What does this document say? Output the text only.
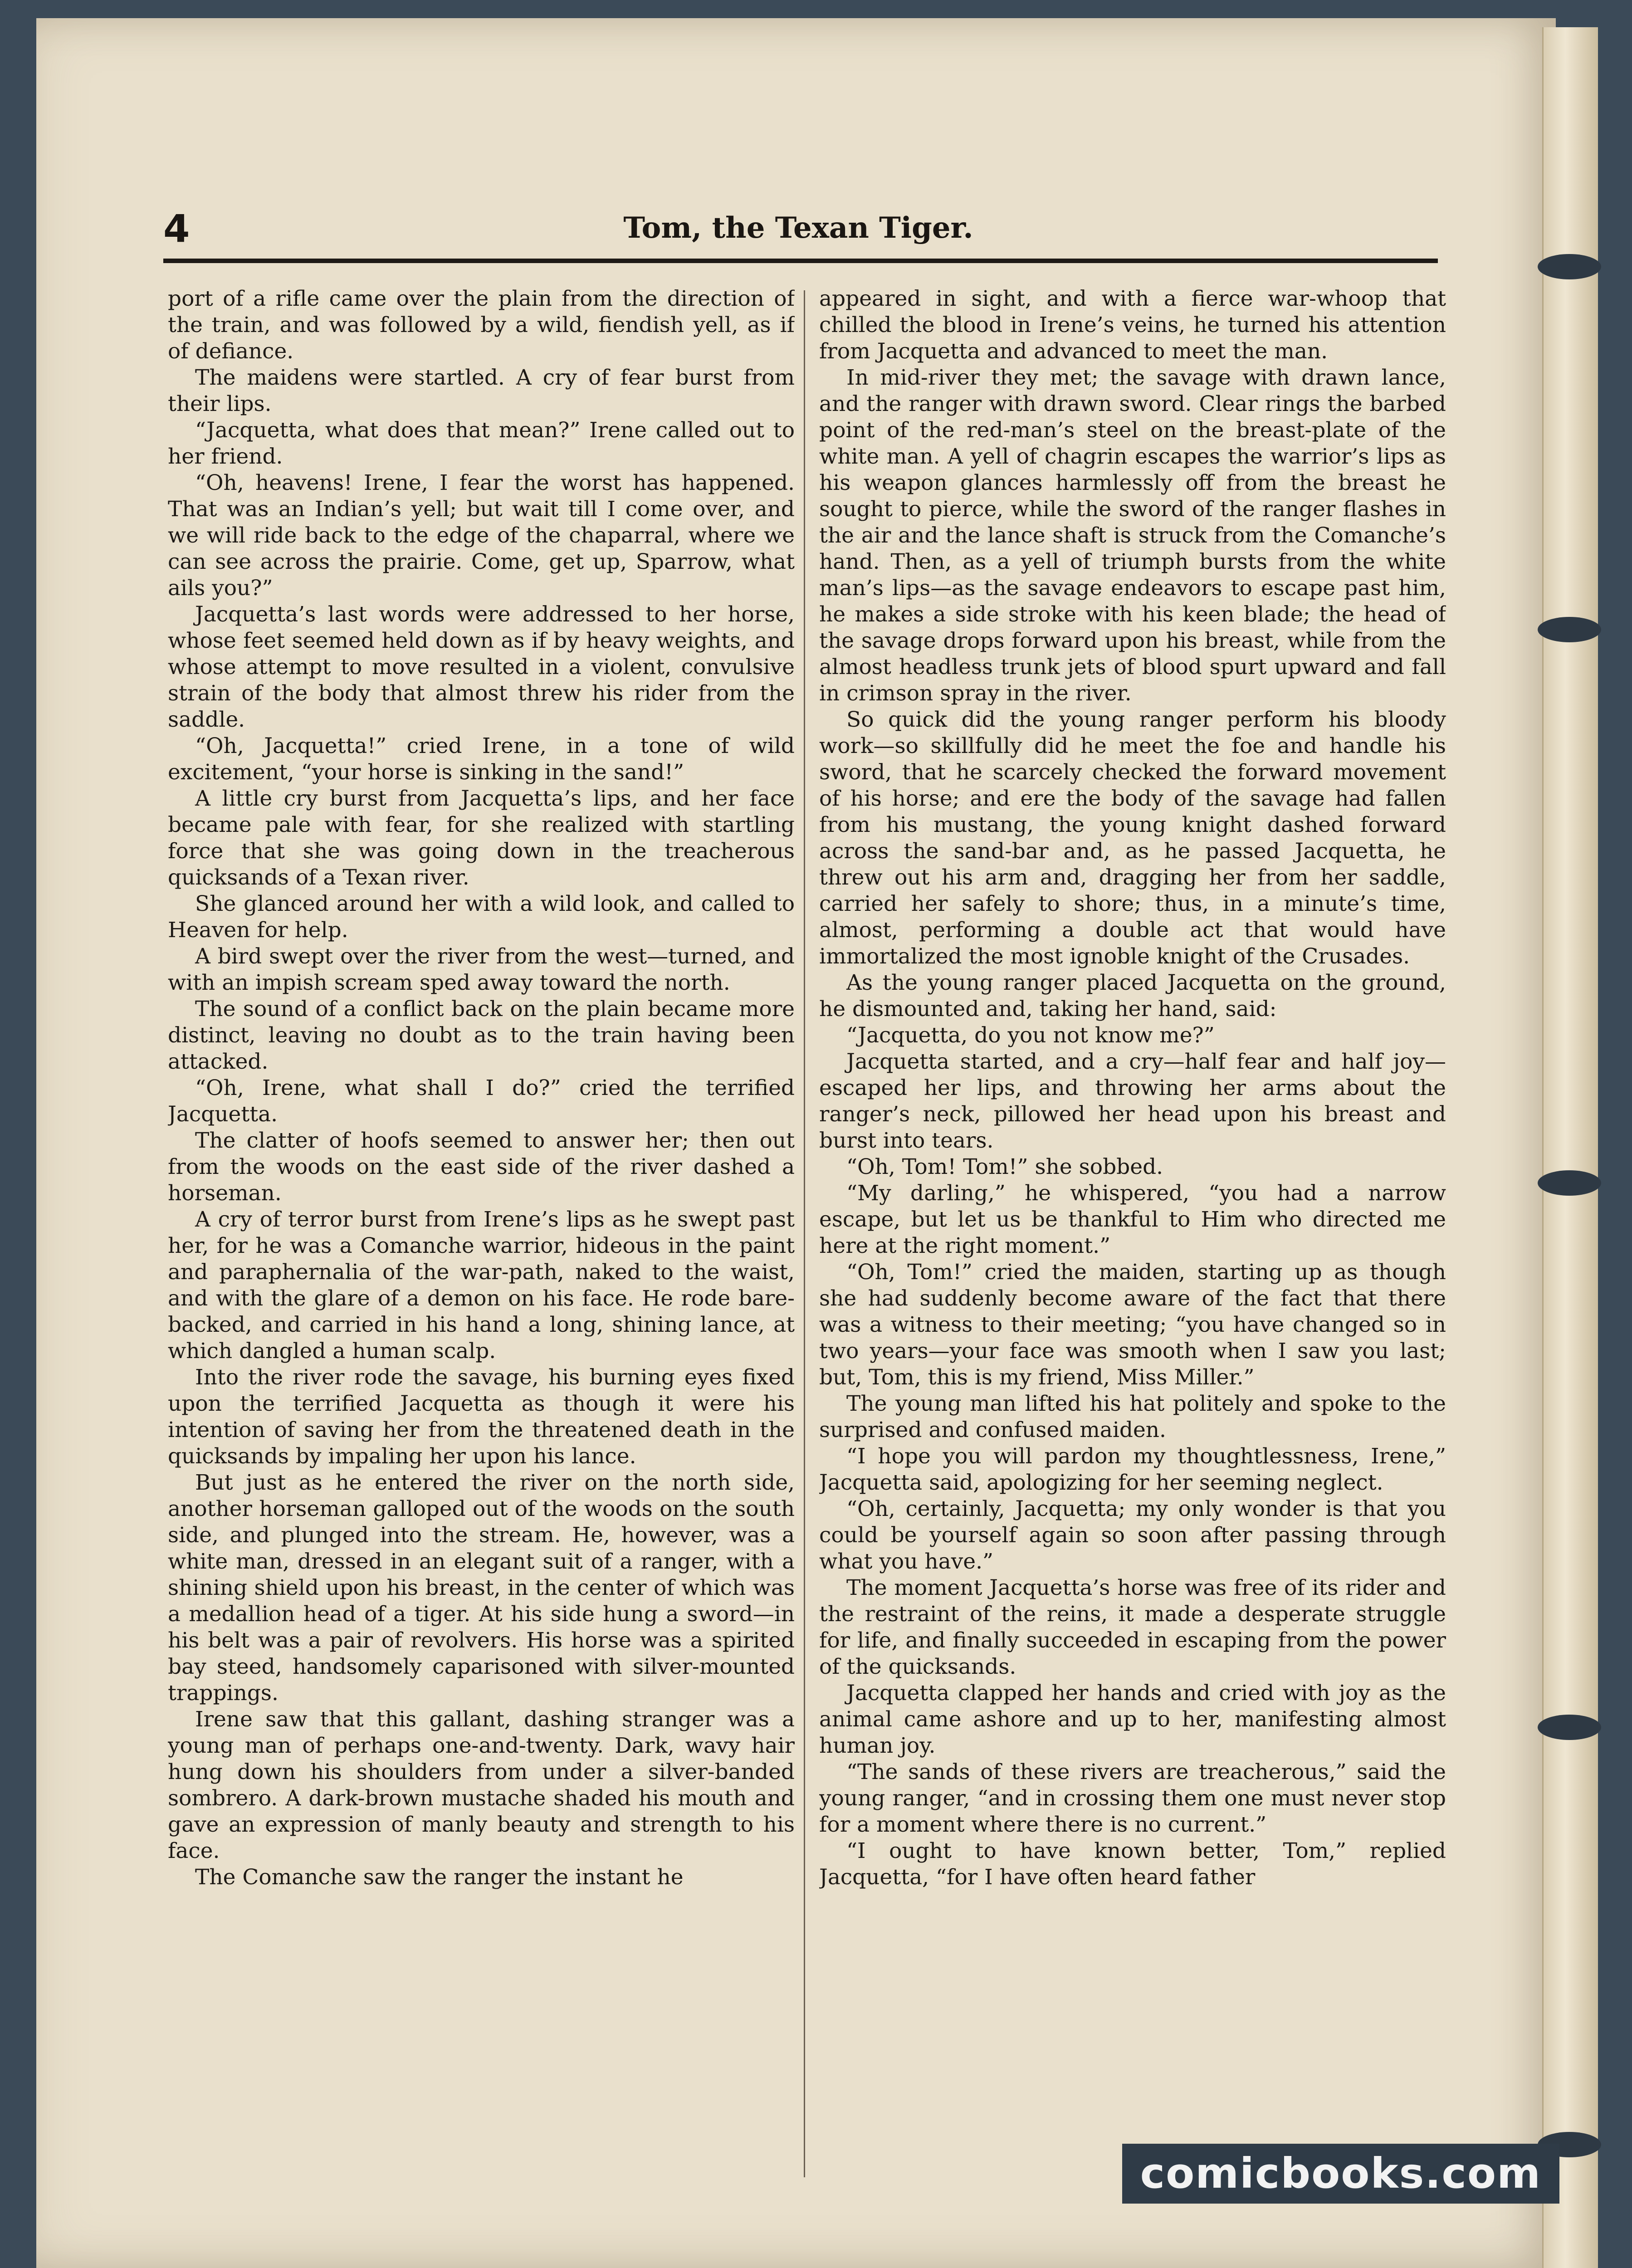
4	Tom, the Texan Tiger.

port of a rifle came over the plain from the direction of the train, and was followed by a wild, fiendish yell, as if of defiance.

The maidens were startled. A cry of fear burst from their lips.

“Jacquetta, what does that mean?” Irene called out to her friend.

“Oh, heavens! Irene, I fear the worst has happened. That was an Indian’s yell; but wait till I come over, and we will ride back to the edge of the chaparral, where we can see across the prairie. Come, get up, Sparrow, what ails you?”

Jacquetta’s last words were addressed to her horse, whose feet seemed held down as if by heavy weights, and whose attempt to move resulted in a violent, convulsive strain of the body that almost threw his rider from the saddle.

“Oh, Jacquetta!” cried Irene, in a tone of wild excitement, “your horse is sinking in the sand!”

A little cry burst from Jacquetta’s lips, and her face became pale with fear, for she realized with startling force that she was going down in the treacherous quicksands of a Texan river.

She glanced around her with a wild look, and called to Heaven for help.

A bird swept over the river from the west—turned, and with an impish scream sped away toward the north.

The sound of a conflict back on the plain became more distinct, leaving no doubt as to the train having been attacked.

“Oh, Irene, what shall I do?” cried the terrified Jacquetta.

The clatter of hoofs seemed to answer her; then out from the woods on the east side of the river dashed a horseman.

A cry of terror burst from Irene’s lips as he swept past her, for he was a Comanche warrior, hideous in the paint and paraphernalia of the war-path, naked to the waist, and with the glare of a demon on his face. He rode bare-backed, and carried in his hand a long, shining lance, at which dangled a human scalp.

Into the river rode the savage, his burning eyes fixed upon the terrified Jacquetta as though it were his intention of saving her from the threatened death in the quicksands by impaling her upon his lance.

But just as he entered the river on the north side, another horseman galloped out of the woods on the south side, and plunged into the stream. He, however, was a white man, dressed in an elegant suit of a ranger, with a shining shield upon his breast, in the center of which was a medallion head of a tiger. At his side hung a sword—in his belt was a pair of revolvers. His horse was a spirited bay steed, handsomely caparisoned with silver-mounted trappings.

Irene saw that this gallant, dashing stranger was a young man of perhaps one-and-twenty. Dark, wavy hair hung down his shoulders from under a silver-banded sombrero. A dark-brown mustache shaded his mouth and gave an expression of manly beauty and strength to his face.

The Comanche saw the ranger the instant he

appeared in sight, and with a fierce war-whoop that chilled the blood in Irene’s veins, he turned his attention from Jacquetta and advanced to meet the man.

In mid-river they met; the savage with drawn lance, and the ranger with drawn sword. Clear rings the barbed point of the red-man’s steel on the breast-plate of the white man. A yell of chagrin escapes the warrior’s lips as his weapon glances harmlessly off from the breast he sought to pierce, while the sword of the ranger flashes in the air and the lance shaft is struck from the Comanche’s hand. Then, as a yell of triumph bursts from the white man’s lips—as the savage endeavors to escape past him, he makes a side stroke with his keen blade; the head of the savage drops forward upon his breast, while from the almost headless trunk jets of blood spurt upward and fall in crimson spray in the river.

So quick did the young ranger perform his bloody work—so skillfully did he meet the foe and handle his sword, that he scarcely checked the forward movement of his horse; and ere the body of the savage had fallen from his mustang, the young knight dashed forward across the sand-bar and, as he passed Jacquetta, he threw out his arm and, dragging her from her saddle, carried her safely to shore; thus, in a minute’s time, almost, performing a double act that would have immortalized the most ignoble knight of the Crusades.

As the young ranger placed Jacquetta on the ground, he dismounted and, taking her hand, said:

“Jacquetta, do you not know me?”

Jacquetta started, and a cry—half fear and half joy—escaped her lips, and throwing her arms about the ranger’s neck, pillowed her head upon his breast and burst into tears.

“Oh, Tom! Tom!” she sobbed.

“My darling,” he whispered, “you had a narrow escape, but let us be thankful to Him who directed me here at the right moment.”

“Oh, Tom!” cried the maiden, starting up as though she had suddenly become aware of the fact that there was a witness to their meeting; “you have changed so in two years—your face was smooth when I saw you last; but, Tom, this is my friend, Miss Miller.”

The young man lifted his hat politely and spoke to the surprised and confused maiden.

“I hope you will pardon my thoughtlessness, Irene,” Jacquetta said, apologizing for her seeming neglect.

“Oh, certainly, Jacquetta; my only wonder is that you could be yourself again so soon after passing through what you have.”

The moment Jacquetta’s horse was free of its rider and the restraint of the reins, it made a desperate struggle for life, and finally succeeded in escaping from the power of the quicksands.

Jacquetta clapped her hands and cried with joy as the animal came ashore and up to her, manifesting almost human joy.

“The sands of these rivers are treacherous,” said the young ranger, “and in crossing them one must never stop for a moment where there is no current.”

“I ought to have known better, Tom,” replied Jacquetta, “for I have often heard father

comicbooks.com
